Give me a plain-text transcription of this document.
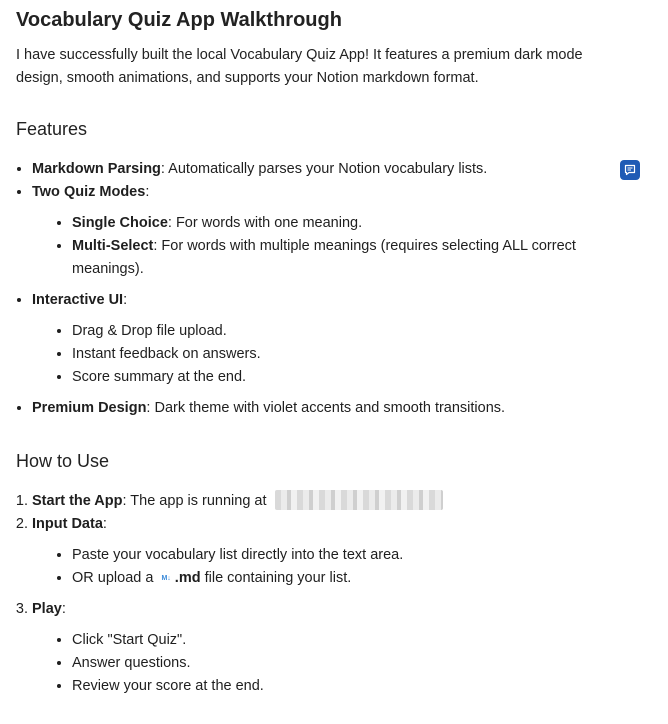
Vocabulary Quiz App Walkthrough

I have successfully built the local Vocabulary Quiz App! It features a premium dark mode design, smooth animations, and supports your Notion markdown format.

Features
• Markdown Parsing: Automatically parses your Notion vocabulary lists.
• Two Quiz Modes:
• Single Choice: For words with one meaning.
• Multi-Select: For words with multiple meanings (requires selecting ALL correct meanings).
• Interactive UI:
• Drag & Drop file upload.
• Instant feedback on answers.
• Score summary at the end.
• Premium Design: Dark theme with violet accents and smooth transitions.
How to Use
1. Start the App: The app is running at
2. Input Data:
• Paste your vocabulary list directly into the text area.
• OR upload a M↓ .md file containing your list.
3. Play:
• Click "Start Quiz".
• Answer questions.
• Review your score at the end.
